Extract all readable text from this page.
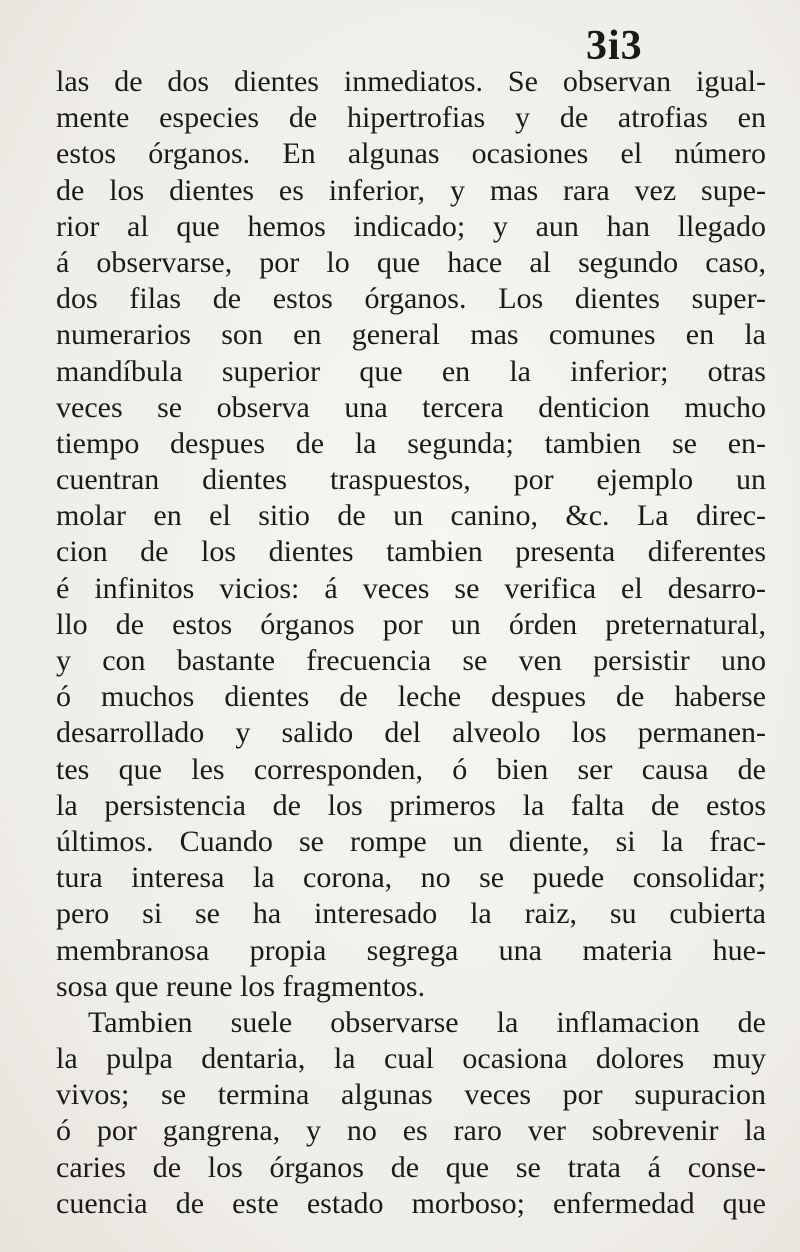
3i3
las de dos dientes inmediatos. Se observan igual-
mente especies de hipertrofias y de atrofias en
estos órganos. En algunas ocasiones el número
de los dientes es inferior, y mas rara vez supe-
rior al que hemos indicado; y aun han llegado
á observarse, por lo que hace al segundo caso,
dos filas de estos órganos. Los dientes super-
numerarios son en general mas comunes en la
mandíbula superior que en la inferior; otras
veces se observa una tercera denticion mucho
tiempo despues de la segunda; tambien se en-
cuentran dientes traspuestos, por ejemplo un
molar en el sitio de un canino, &c. La direc-
cion de los dientes tambien presenta diferentes
é infinitos vicios: á veces se verifica el desarro-
llo de estos órganos por un órden preternatural,
y con bastante frecuencia se ven persistir uno
ó muchos dientes de leche despues de haberse
desarrollado y salido del alveolo los permanen-
tes que les corresponden, ó bien ser causa de
la persistencia de los primeros la falta de estos
últimos. Cuando se rompe un diente, si la frac-
tura interesa la corona, no se puede consolidar;
pero si se ha interesado la raiz, su cubierta
membranosa propia segrega una materia hue-
sosa que reune los fragmentos.
Tambien suele observarse la inflamacion de
la pulpa dentaria, la cual ocasiona dolores muy
vivos; se termina algunas veces por supuracion
ó por gangrena, y no es raro ver sobrevenir la
caries de los órganos de que se trata á conse-
cuencia de este estado morboso; enfermedad que
